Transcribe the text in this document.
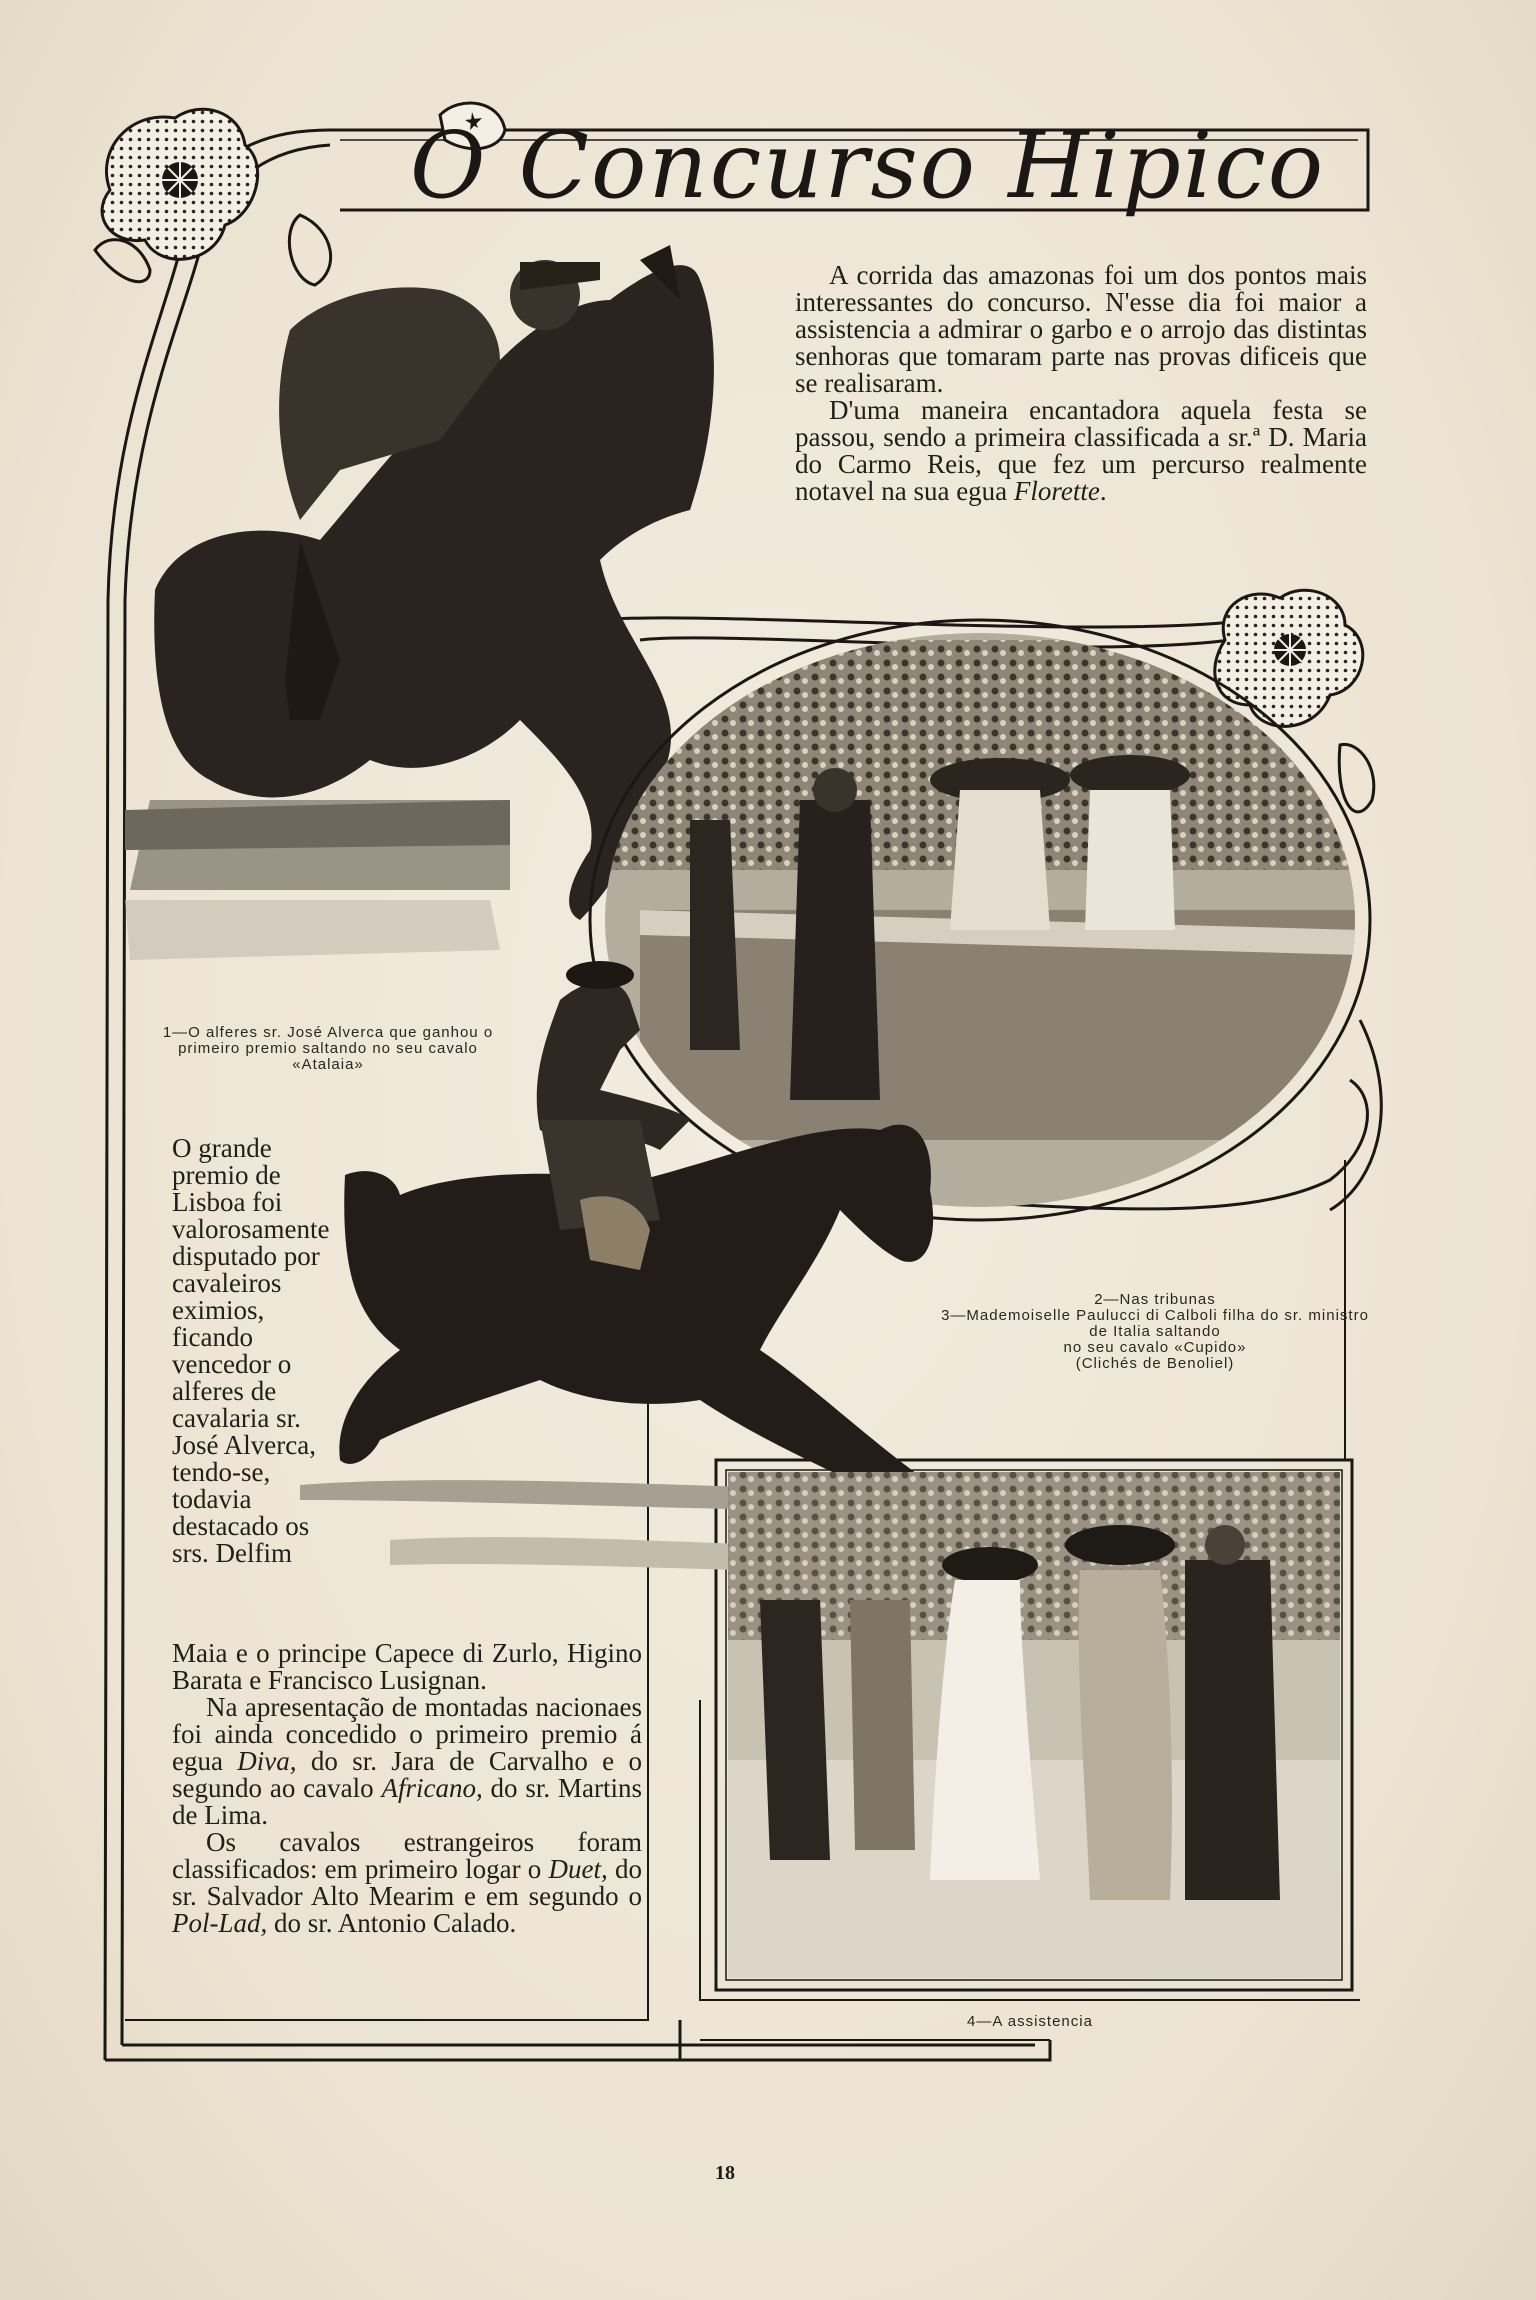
O Concurso Hipico

A corrida das amazonas foi um dos pontos mais interessantes do concurso. N'esse dia foi maior a assistencia a admirar o garbo e o arrojo das distintas senhoras que tomaram parte nas provas dificeis que se realisaram.

D'uma maneira encantadora aquela festa se passou, sendo a primeira classificada a sr.ª D. Maria do Carmo Reis, que fez um percurso realmente notavel na sua egua Florette.

1—O alferes sr. José Alverca que ganhou o primeiro premio saltando no seu cavalo «Atalaia»
2—Nas tribunas
3—Mademoiselle Paulucci di Calboli filha do sr. ministro de Italia saltando
no seu cavalo «Cupido»
(Clichés de Benoliel)

O grande premio de Lisboa foi valorosamente disputado por cavaleiros eximios, ficando vencedor o alferes de cavalaria sr. José Alverca, tendo-se, todavia destacado os srs. Delfim

Maia e o principe Capece di Zurlo, Higino Barata e Francisco Lusignan.

Na apresentação de montadas nacionaes foi ainda concedido o primeiro premio á egua Diva, do sr. Jara de Carvalho e o segundo ao cavalo Africano, do sr. Martins de Lima.

Os cavalos estrangeiros foram classificados: em primeiro logar o Duet, do sr. Salvador Alto Mearim e em segundo o Pol-Lad, do sr. Antonio Calado.

4—A assistencia
18
